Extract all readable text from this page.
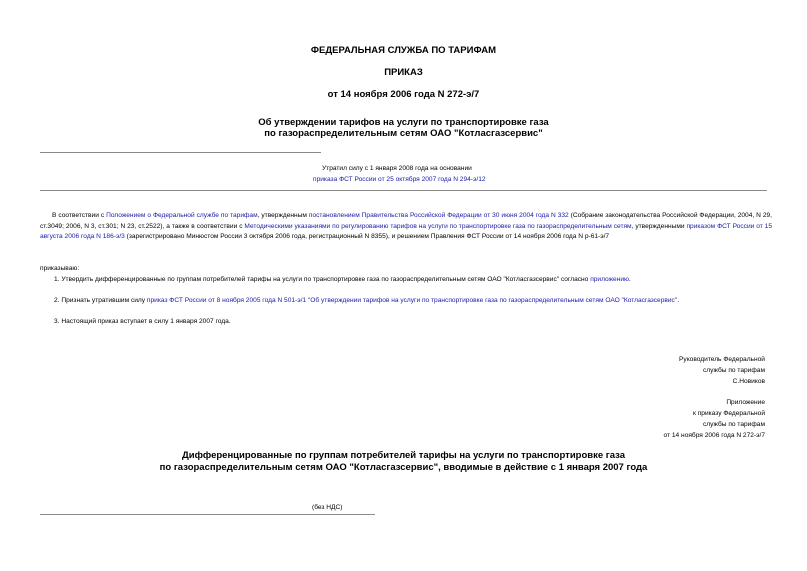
ФЕДЕРАЛЬНАЯ СЛУЖБА ПО ТАРИФАМ
ПРИКАЗ
от 14 ноября 2006 года N 272-э/7
Об утверждении тарифов на услуги по транспортировке газа
по газораспределительным сетям ОАО "Котласгазсервис"
Утратил силу с 1 января 2008 года на основании
приказа ФСТ России от 25 октября 2007 года N 294-э/12
В соответствии с Положением о Федеральной службе по тарифам, утвержденным постановлением Правительства Российской Федерации от 30 июня 2004 года N 332 (Собрание законодательства Российской Федерации, 2004, N 29, ст.3049; 2006, N 3, ст.301; N 23, ст.2522), а также в соответствии с Методическими указаниями по регулированию тарифов на услуги по транспортировке газа по газораспределительным сетям, утвержденными приказом ФСТ России от 15 августа 2006 года N 186-э/3 (зарегистрировано Минюстом России 3 октября 2006 года, регистрационный N 8355), и решением Правления ФСТ России от 14 ноября 2006 года N р-61-э/7
приказываю:
1. Утвердить дифференцированные по группам потребителей тарифы на услуги по транспортировке газа по газораспределительным сетям ОАО "Котласгазсервис" согласно приложению.
2. Признать утратившим силу приказ ФСТ России от 8 ноября 2005 года N 501-э/1 "Об утверждении тарифов на услуги по транспортировке газа по газораспределительным сетям ОАО "Котласгазсервис".
3. Настоящий приказ вступает в силу 1 января 2007 года.
Руководитель Федеральной
службы по тарифам
С.Новиков
Приложение
к приказу Федеральной
службы по тарифам
от 14 ноября 2006 года N 272-э/7
Дифференцированные по группам потребителей тарифы на услуги по транспортировке газа
по газораспределительным сетям ОАО "Котласгазсервис", вводимые в действие с 1 января 2007 года
(без НДС)
